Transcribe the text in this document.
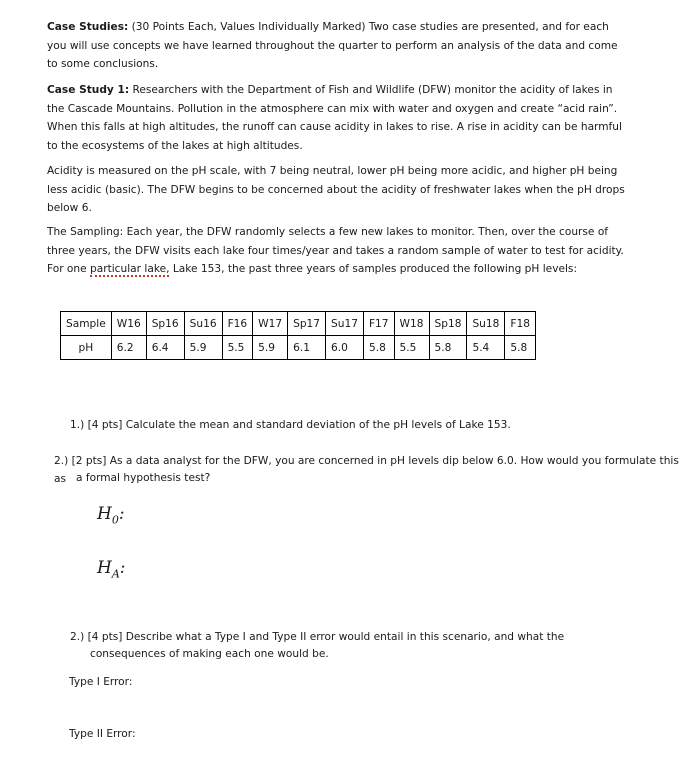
Case Studies: (30 Points Each, Values Individually Marked) Two case studies are presented, and for each you will use concepts we have learned throughout the quarter to perform an analysis of the data and come to some conclusions.

Case Study 1: Researchers with the Department of Fish and Wildlife (DFW) monitor the acidity of lakes in the Cascade Mountains. Pollution in the atmosphere can mix with water and oxygen and create “acid rain”. When this falls at high altitudes, the runoff can cause acidity in lakes to rise. A rise in acidity can be harmful to the ecosystems of the lakes at high altitudes.

Acidity is measured on the pH scale, with 7 being neutral, lower pH being more acidic, and higher pH being less acidic (basic). The DFW begins to be concerned about the acidity of freshwater lakes when the pH drops below 6.

The Sampling: Each year, the DFW randomly selects a few new lakes to monitor. Then, over the course of three years, the DFW visits each lake four times/year and takes a random sample of water to test for acidity. For one particular lake, Lake 153, the past three years of samples produced the following pH levels:

Sample	W16	Sp16	Su16	F16	W17	Sp17	Su17	F17	W18	Sp18	Su18	F18
pH	6.2	6.4	5.9	5.5	5.9	6.1	6.0	5.8	5.5	5.8	5.4	5.8

1.) [4 pts] Calculate the mean and standard deviation of the pH levels of Lake 153.

2.) [2 pts] As a data analyst for the DFW, you are concerned in pH levels dip below 6.0. How would you formulate this as a formal hypothesis test?

$H_0$:
$H_A$:

2.) [4 pts] Describe what a Type I and Type II error would entail in this scenario, and what the

consequences of making each one would be.

Type I Error:

Type II Error:
